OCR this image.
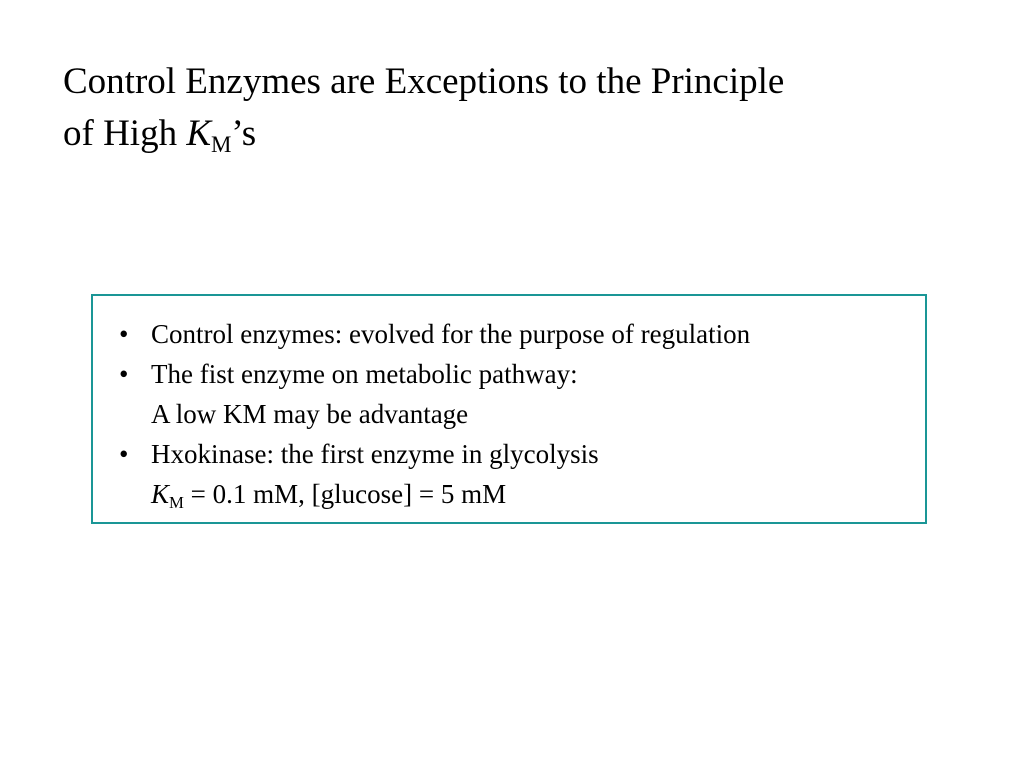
Control Enzymes are Exceptions to the Principle
of High $K_M’s$
• Control enzymes: evolved for the purpose of regulation
• The fist enzyme on metabolic pathway:
A low KM may be advantage
• Hxokinase: the first enzyme in glycolysis
$K_M = 0.1$ mM, [glucose] = 5 mM
